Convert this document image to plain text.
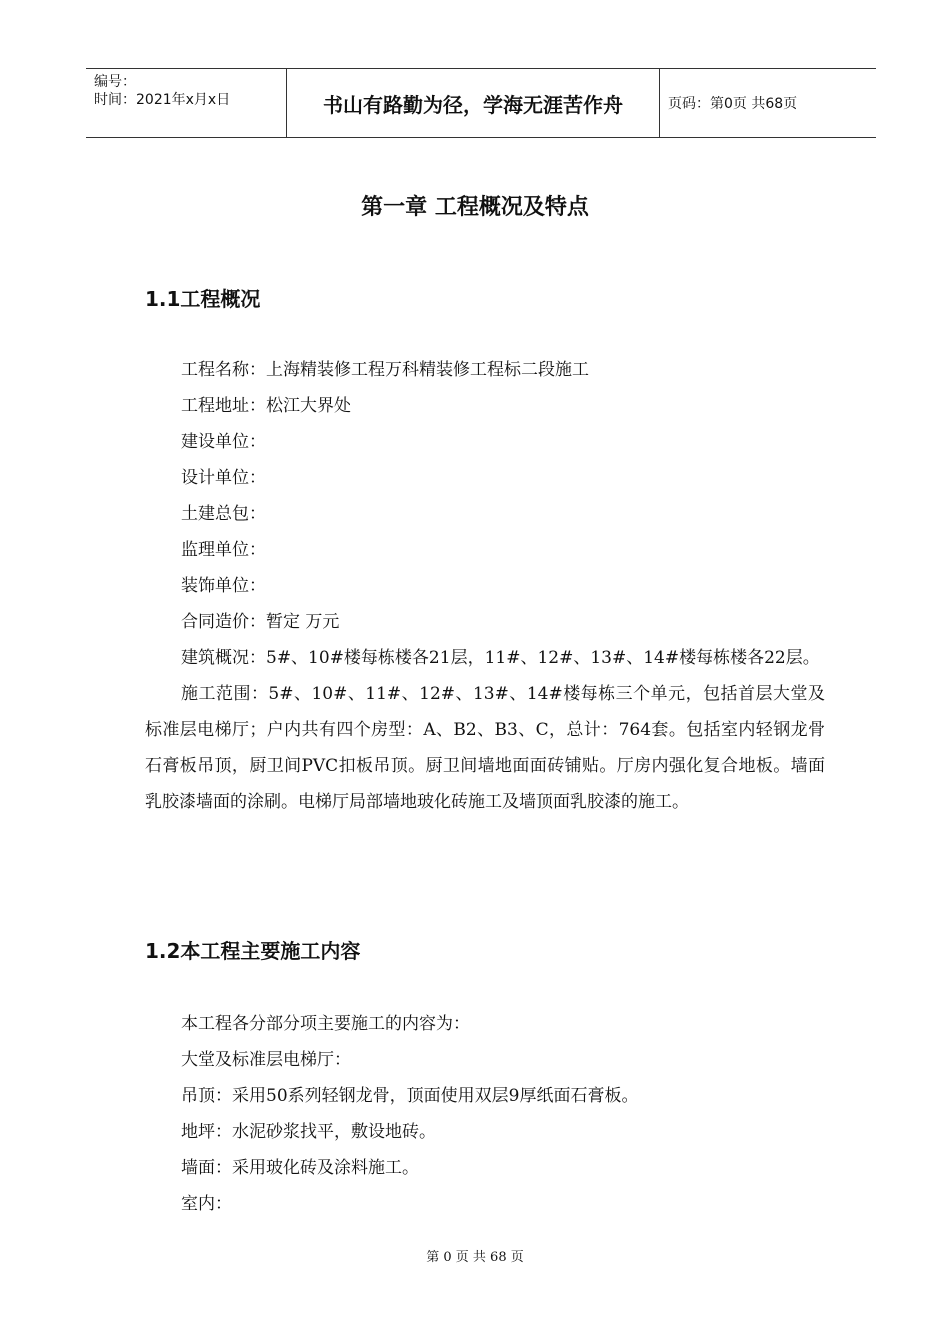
编号：
时间：2021年x月x日	书山有路勤为径，学海无涯苦作舟	页码：第0页 共68页
第一章 工程概况及特点
1.1工程概况
工程名称：上海精装修工程万科精装修工程标二段施工
工程地址：松江大界处
建设单位：
设计单位：
土建总包：
监理单位：
装饰单位：
合同造价：暂定 万元
建筑概况：5#、10#楼每栋楼各21层，11#、12#、13#、14#楼每栋楼各22层。
施工范围：5#、10#、11#、12#、13#、14#楼每栋三个单元，包括首层大堂及标准层电梯厅；户内共有四个房型：A、B2、B3、C，总计：764套。包括室内轻钢龙骨石膏板吊顶，厨卫间PVC扣板吊顶。厨卫间墙地面面砖铺贴。厅房内强化复合地板。墙面乳胶漆墙面的涂刷。电梯厅局部墙地玻化砖施工及墙顶面乳胶漆的施工。
1.2本工程主要施工内容
本工程各分部分项主要施工的内容为：
大堂及标准层电梯厅：
吊顶：采用50系列轻钢龙骨，顶面使用双层9厚纸面石膏板。
地坪：水泥砂浆找平，敷设地砖。
墙面：采用玻化砖及涂料施工。
室内：
第 0 页 共 68 页
